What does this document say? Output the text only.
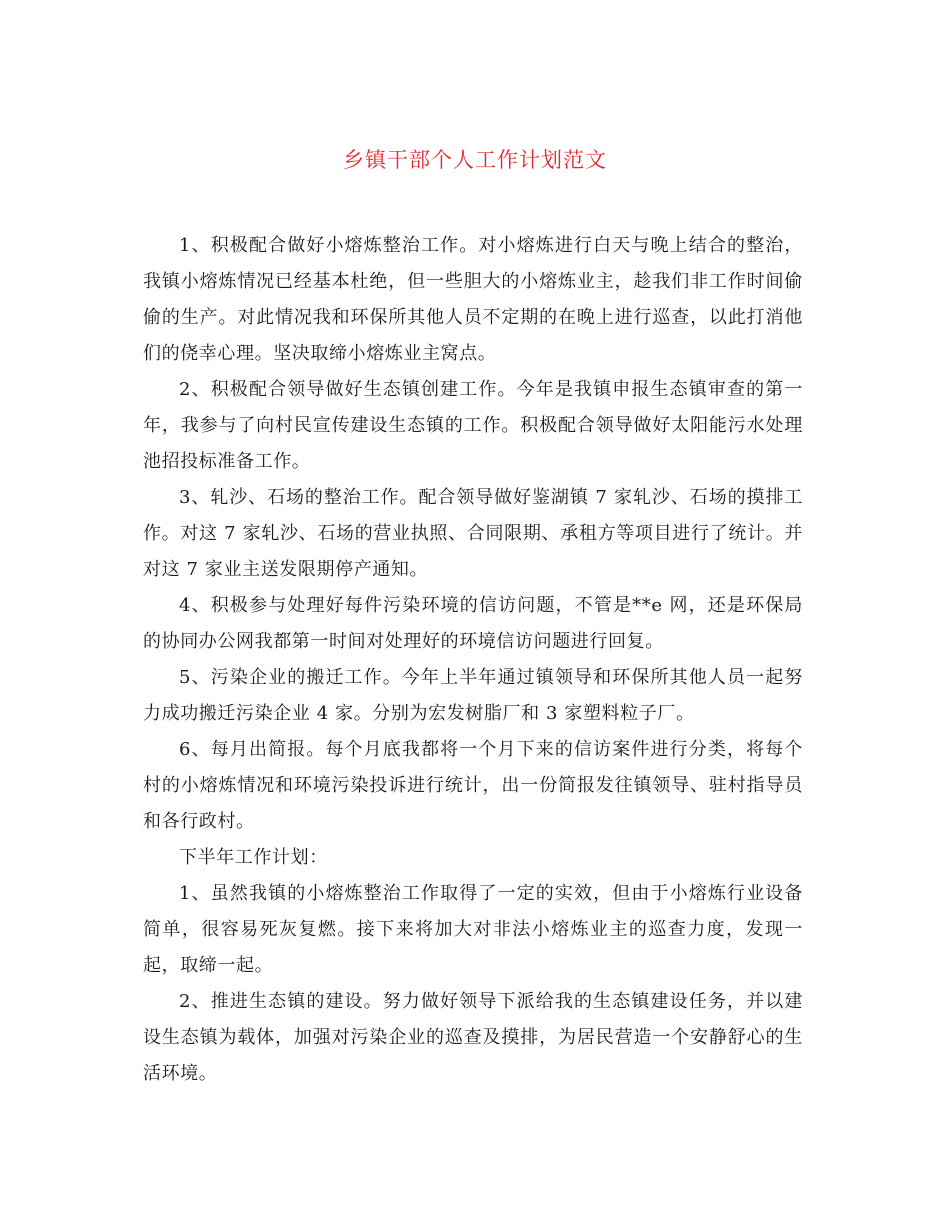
乡镇干部个人工作计划范文

1、积极配合做好小熔炼整治工作。对小熔炼进行白天与晚上结合的整治，我镇小熔炼情况已经基本杜绝，但一些胆大的小熔炼业主，趁我们非工作时间偷偷的生产。对此情况我和环保所其他人员不定期的在晚上进行巡查，以此打消他们的侥幸心理。坚决取缔小熔炼业主窝点。

2、积极配合领导做好生态镇创建工作。今年是我镇申报生态镇审查的第一年，我参与了向村民宣传建设生态镇的工作。积极配合领导做好太阳能污水处理池招投标准备工作。

3、轧沙、石场的整治工作。配合领导做好鉴湖镇 7 家轧沙、石场的摸排工作。对这 7 家轧沙、石场的营业执照、合同限期、承租方等项目进行了统计。并对这 7 家业主送发限期停产通知。

4、积极参与处理好每件污染环境的信访问题，不管是**e 网，还是环保局的协同办公网我都第一时间对处理好的环境信访问题进行回复。

5、污染企业的搬迁工作。今年上半年通过镇领导和环保所其他人员一起努力成功搬迁污染企业 4 家。分别为宏发树脂厂和 3 家塑料粒子厂。

6、每月出简报。每个月底我都将一个月下来的信访案件进行分类，将每个村的小熔炼情况和环境污染投诉进行统计，出一份简报发往镇领导、驻村指导员和各行政村。

下半年工作计划：

1、虽然我镇的小熔炼整治工作取得了一定的实效，但由于小熔炼行业设备简单，很容易死灰复燃。接下来将加大对非法小熔炼业主的巡查力度，发现一起，取缔一起。

2、推进生态镇的建设。努力做好领导下派给我的生态镇建设任务，并以建设生态镇为载体，加强对污染企业的巡查及摸排，为居民营造一个安静舒心的生活环境。
